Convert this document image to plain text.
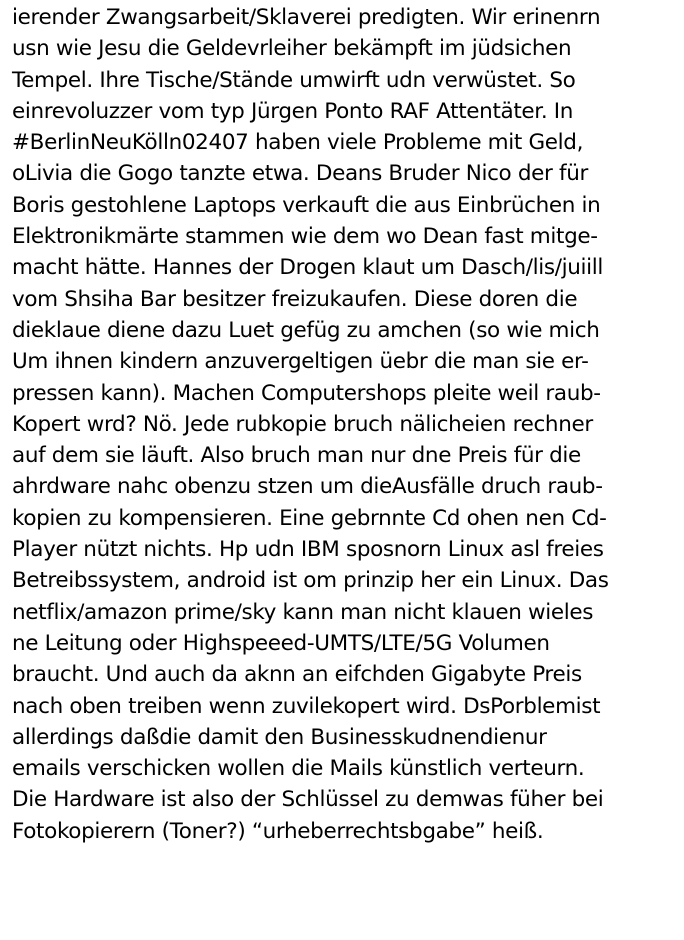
ierender Zwangsarbeit/Sklaverei predigten. Wir erinenrn
usn wie Jesu die Geldevrleiher bekämpft im jüdsichen
Tempel. Ihre Tische/Stände umwirft udn verwüstet. So
einrevoluzzer vom typ Jürgen Ponto RAF Attentäter. In
#BerlinNeuKölln02407 haben viele Probleme mit Geld,
oLivia die Gogo tanzte etwa. Deans Bruder Nico der für
Boris gestohlene Laptops verkauft die aus Einbrüchen in
Elektronikmärte stammen wie dem wo Dean fast mitge-
macht hätte. Hannes der Drogen klaut um Dasch/lis/juiill
vom Shsiha Bar besitzer freizukaufen. Diese doren die
dieklaue diene dazu Luet gefüg zu amchen (so wie mich
Um ihnen kindern anzuvergeltigen üebr die man sie er-
pressen kann). Machen Computershops pleite weil raub-
Kopert wrd? Nö. Jede rubkopie bruch nälicheien rechner
auf dem sie läuft. Also bruch man nur dne Preis für die
ahrdware nahc obenzu stzen um dieAusfälle druch raub-
kopien zu kompensieren. Eine gebrnnte Cd ohen nen Cd-
Player nützt nichts. Hp udn IBM sposnorn Linux asl freies
Betreibssystem, android ist om prinzip her ein Linux. Das
netflix/amazon prime/sky kann man nicht klauen wieles
ne Leitung oder Highspeeed-UMTS/LTE/5G Volumen
braucht. Und auch da aknn an eifchden Gigabyte Preis
nach oben treiben wenn zuvilekopert wird. DsPorblemist
allerdings daßdie damit den Businesskudnendienur
emails verschicken wollen die Mails künstlich verteurn.
Die Hardware ist also der Schlüssel zu demwas füher bei
Fotokopierern (Toner?) “urheberrechtsbgabe” heiß.
